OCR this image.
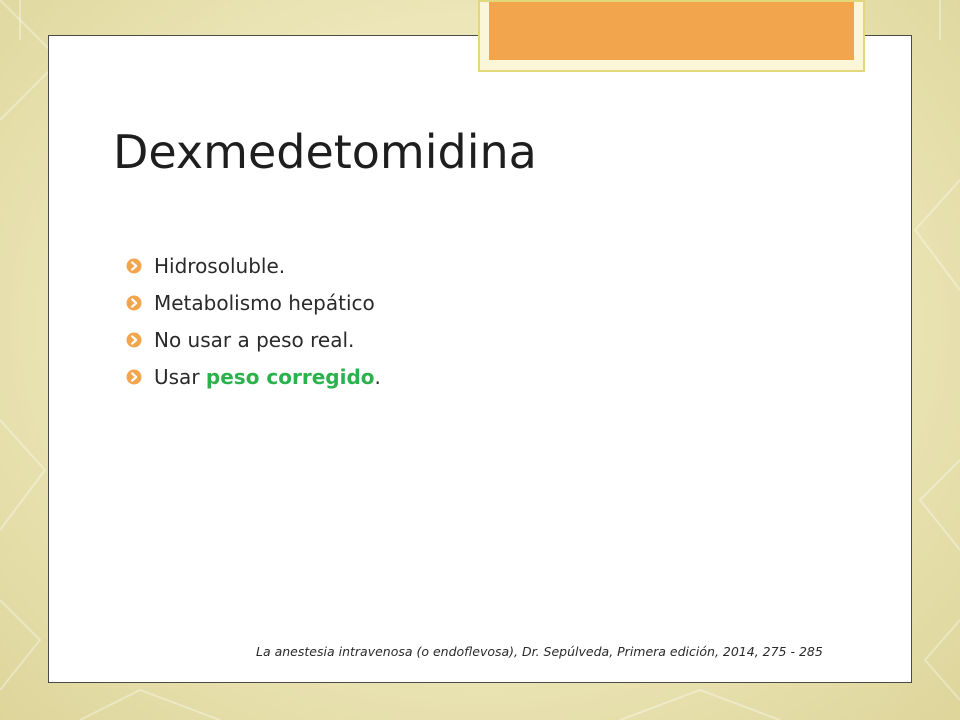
Dexmedetomidina
Hidrosoluble.
Metabolismo hepático
No usar a peso real.
Usar peso corregido.
La anestesia intravenosa (o endoflevosa), Dr. Sepúlveda, Primera edición, 2014, 275 - 285
